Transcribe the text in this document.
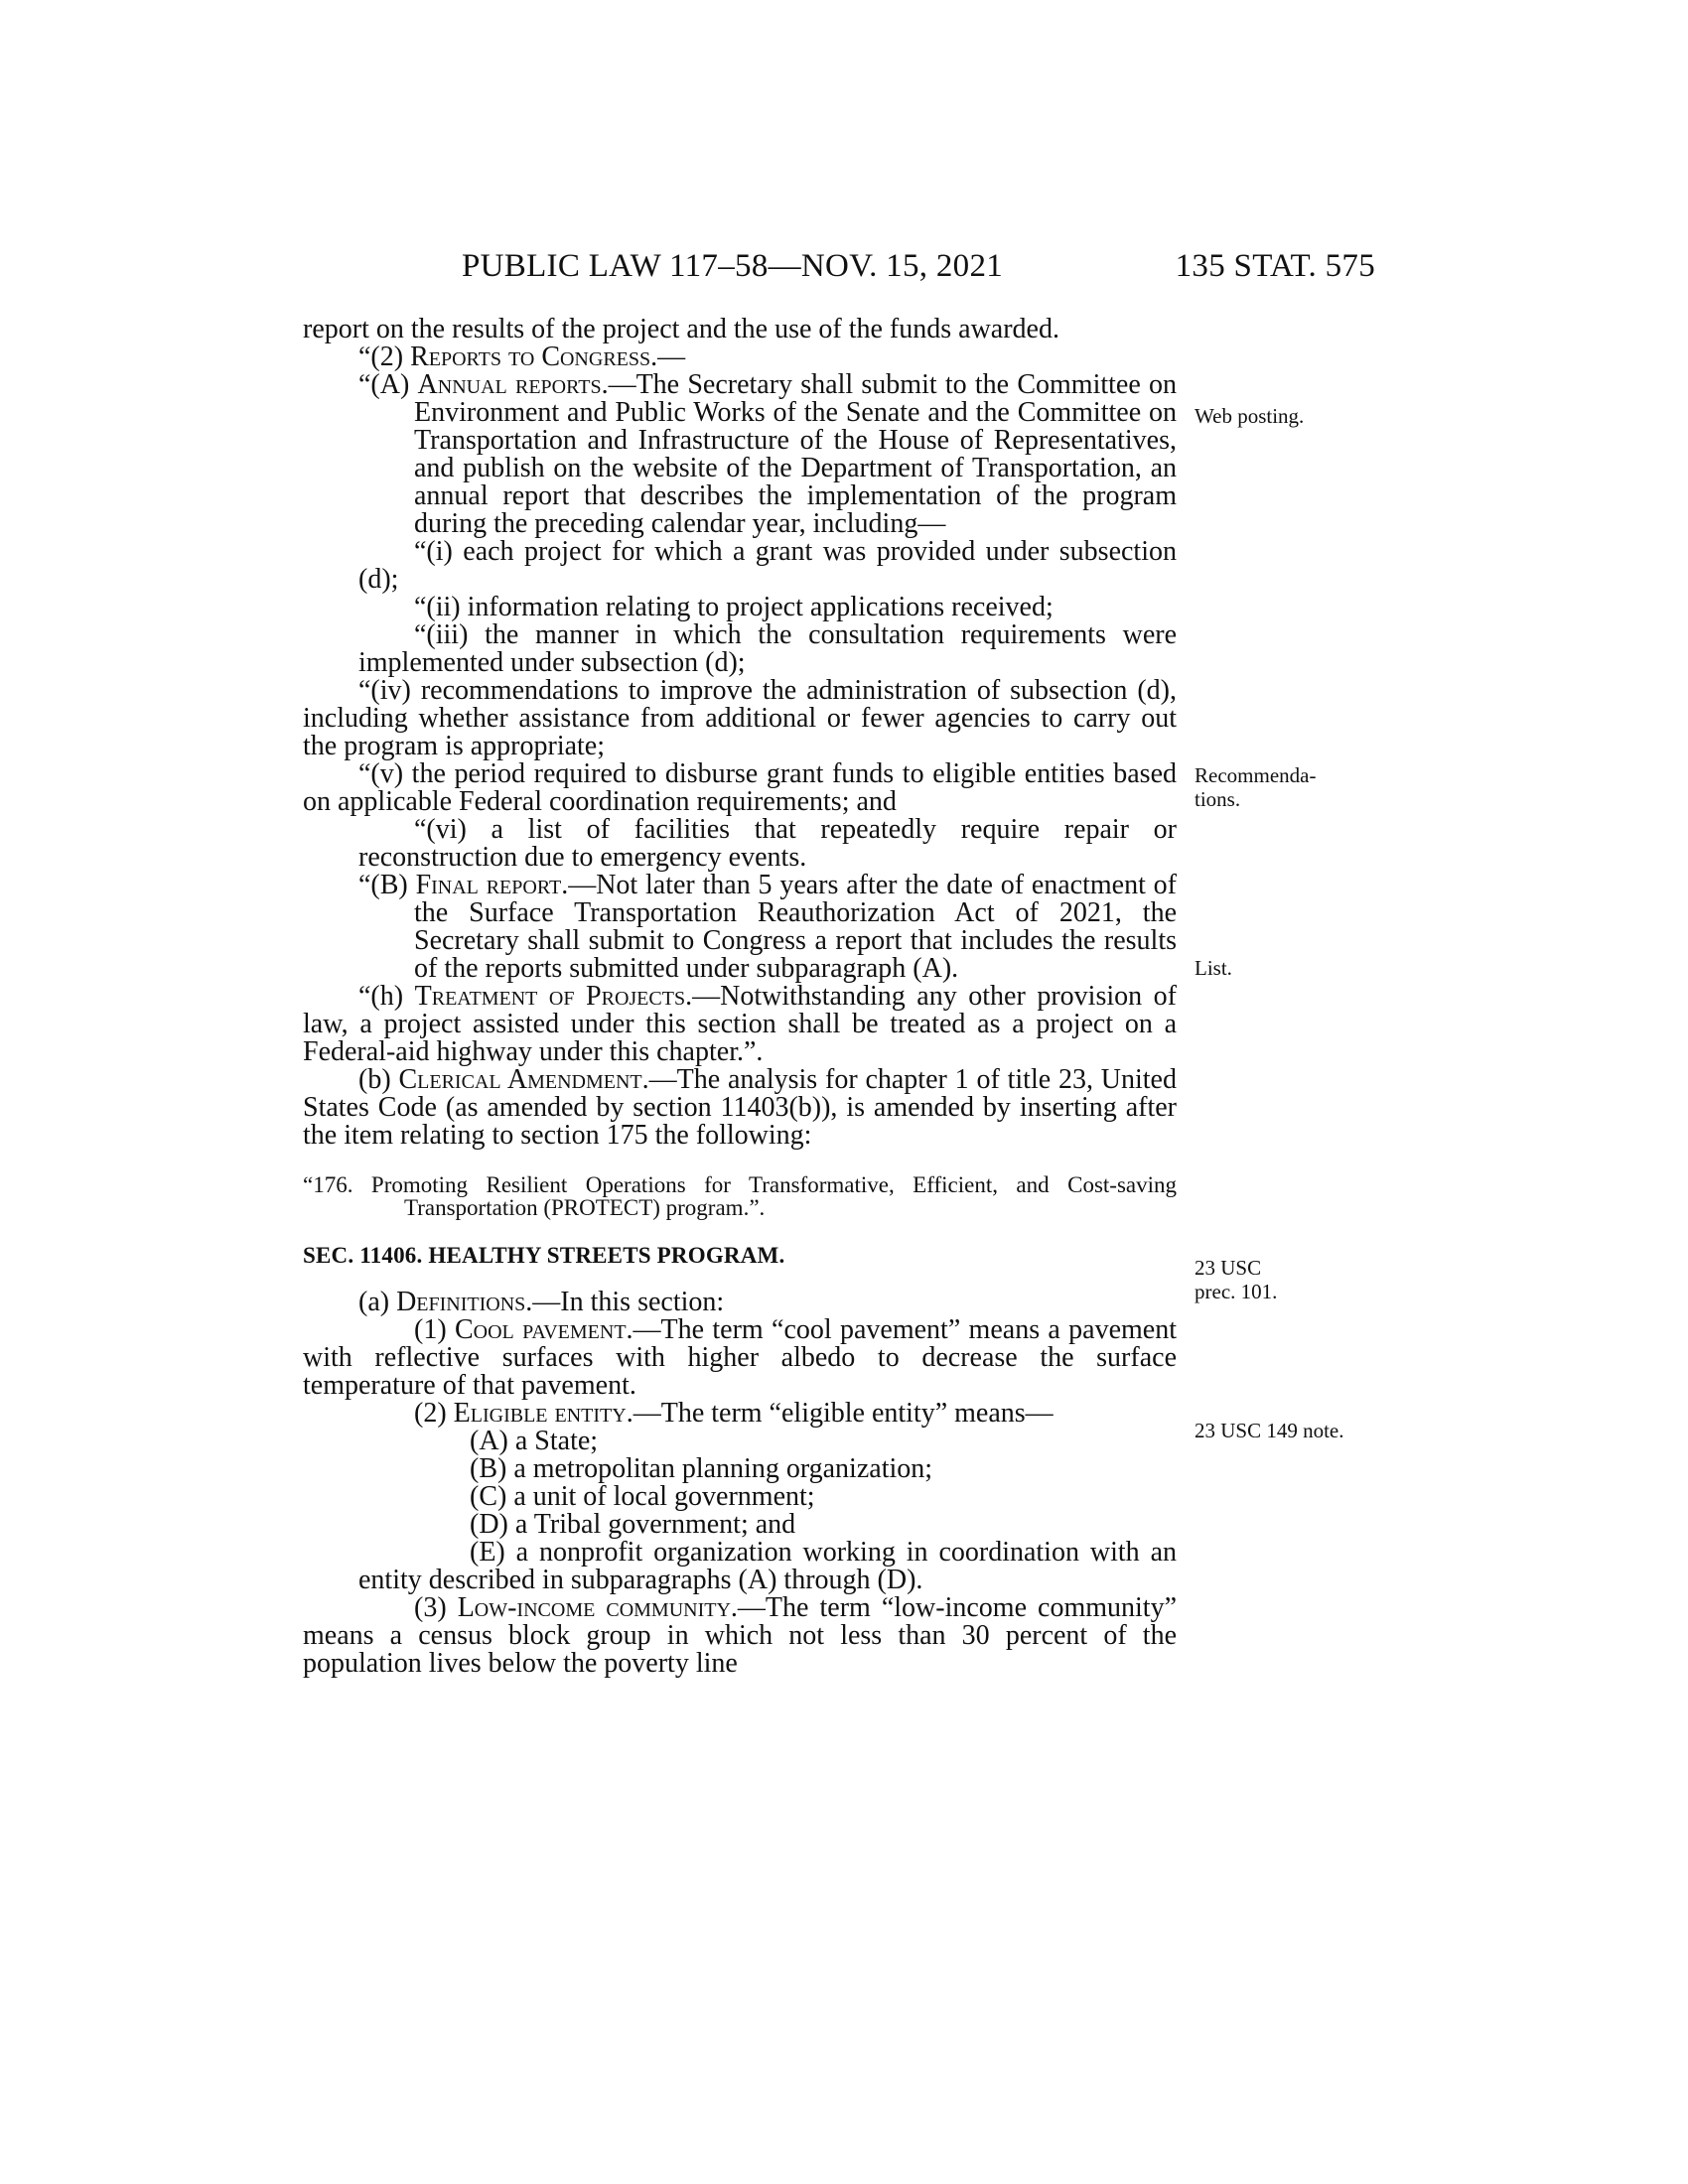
PUBLIC LAW 117–58—NOV. 15, 2021	135 STAT. 575
Web posting.
Recommenda-
tions.
List.
23 USC
prec. 101.
23 USC 149 note.

report on the results of the project and the use of the funds awarded.

“(2) Reports to Congress.—

“(A) Annual reports.—The Secretary shall submit to the Committee on Environment and Public Works of the Senate and the Committee on Transportation and Infrastructure of the House of Representatives, and publish on the website of the Department of Transportation, an annual report that describes the implementation of the program during the preceding calendar year, including—

“(i) each project for which a grant was provided under subsection (d);

“(ii) information relating to project applications received;

“(iii) the manner in which the consultation requirements were implemented under subsection (d);

“(iv) recommendations to improve the administration of subsection (d), including whether assistance from additional or fewer agencies to carry out the program is appropriate;

“(v) the period required to disburse grant funds to eligible entities based on applicable Federal coordination requirements; and

“(vi) a list of facilities that repeatedly require repair or reconstruction due to emergency events.

“(B) Final report.—Not later than 5 years after the date of enactment of the Surface Transportation Reauthorization Act of 2021, the Secretary shall submit to Congress a report that includes the results of the reports submitted under subparagraph (A).

“(h) Treatment of Projects.—Notwithstanding any other provision of law, a project assisted under this section shall be treated as a project on a Federal-aid highway under this chapter.”.

(b) Clerical Amendment.—The analysis for chapter 1 of title 23, United States Code (as amended by section 11403(b)), is amended by inserting after the item relating to section 175 the following:

“176. Promoting Resilient Operations for Transformative, Efficient, and Cost-saving Transportation (PROTECT) program.”.

SEC. 11406. HEALTHY STREETS PROGRAM.

(a) Definitions.—In this section:

(1) Cool pavement.—The term “cool pavement” means a pavement with reflective surfaces with higher albedo to decrease the surface temperature of that pavement.

(2) Eligible entity.—The term “eligible entity” means—

(A) a State;

(B) a metropolitan planning organization;

(C) a unit of local government;

(D) a Tribal government; and

(E) a nonprofit organization working in coordination with an entity described in subparagraphs (A) through (D).

(3) Low-income community.—The term “low-income community” means a census block group in which not less than 30 percent of the population lives below the poverty line
